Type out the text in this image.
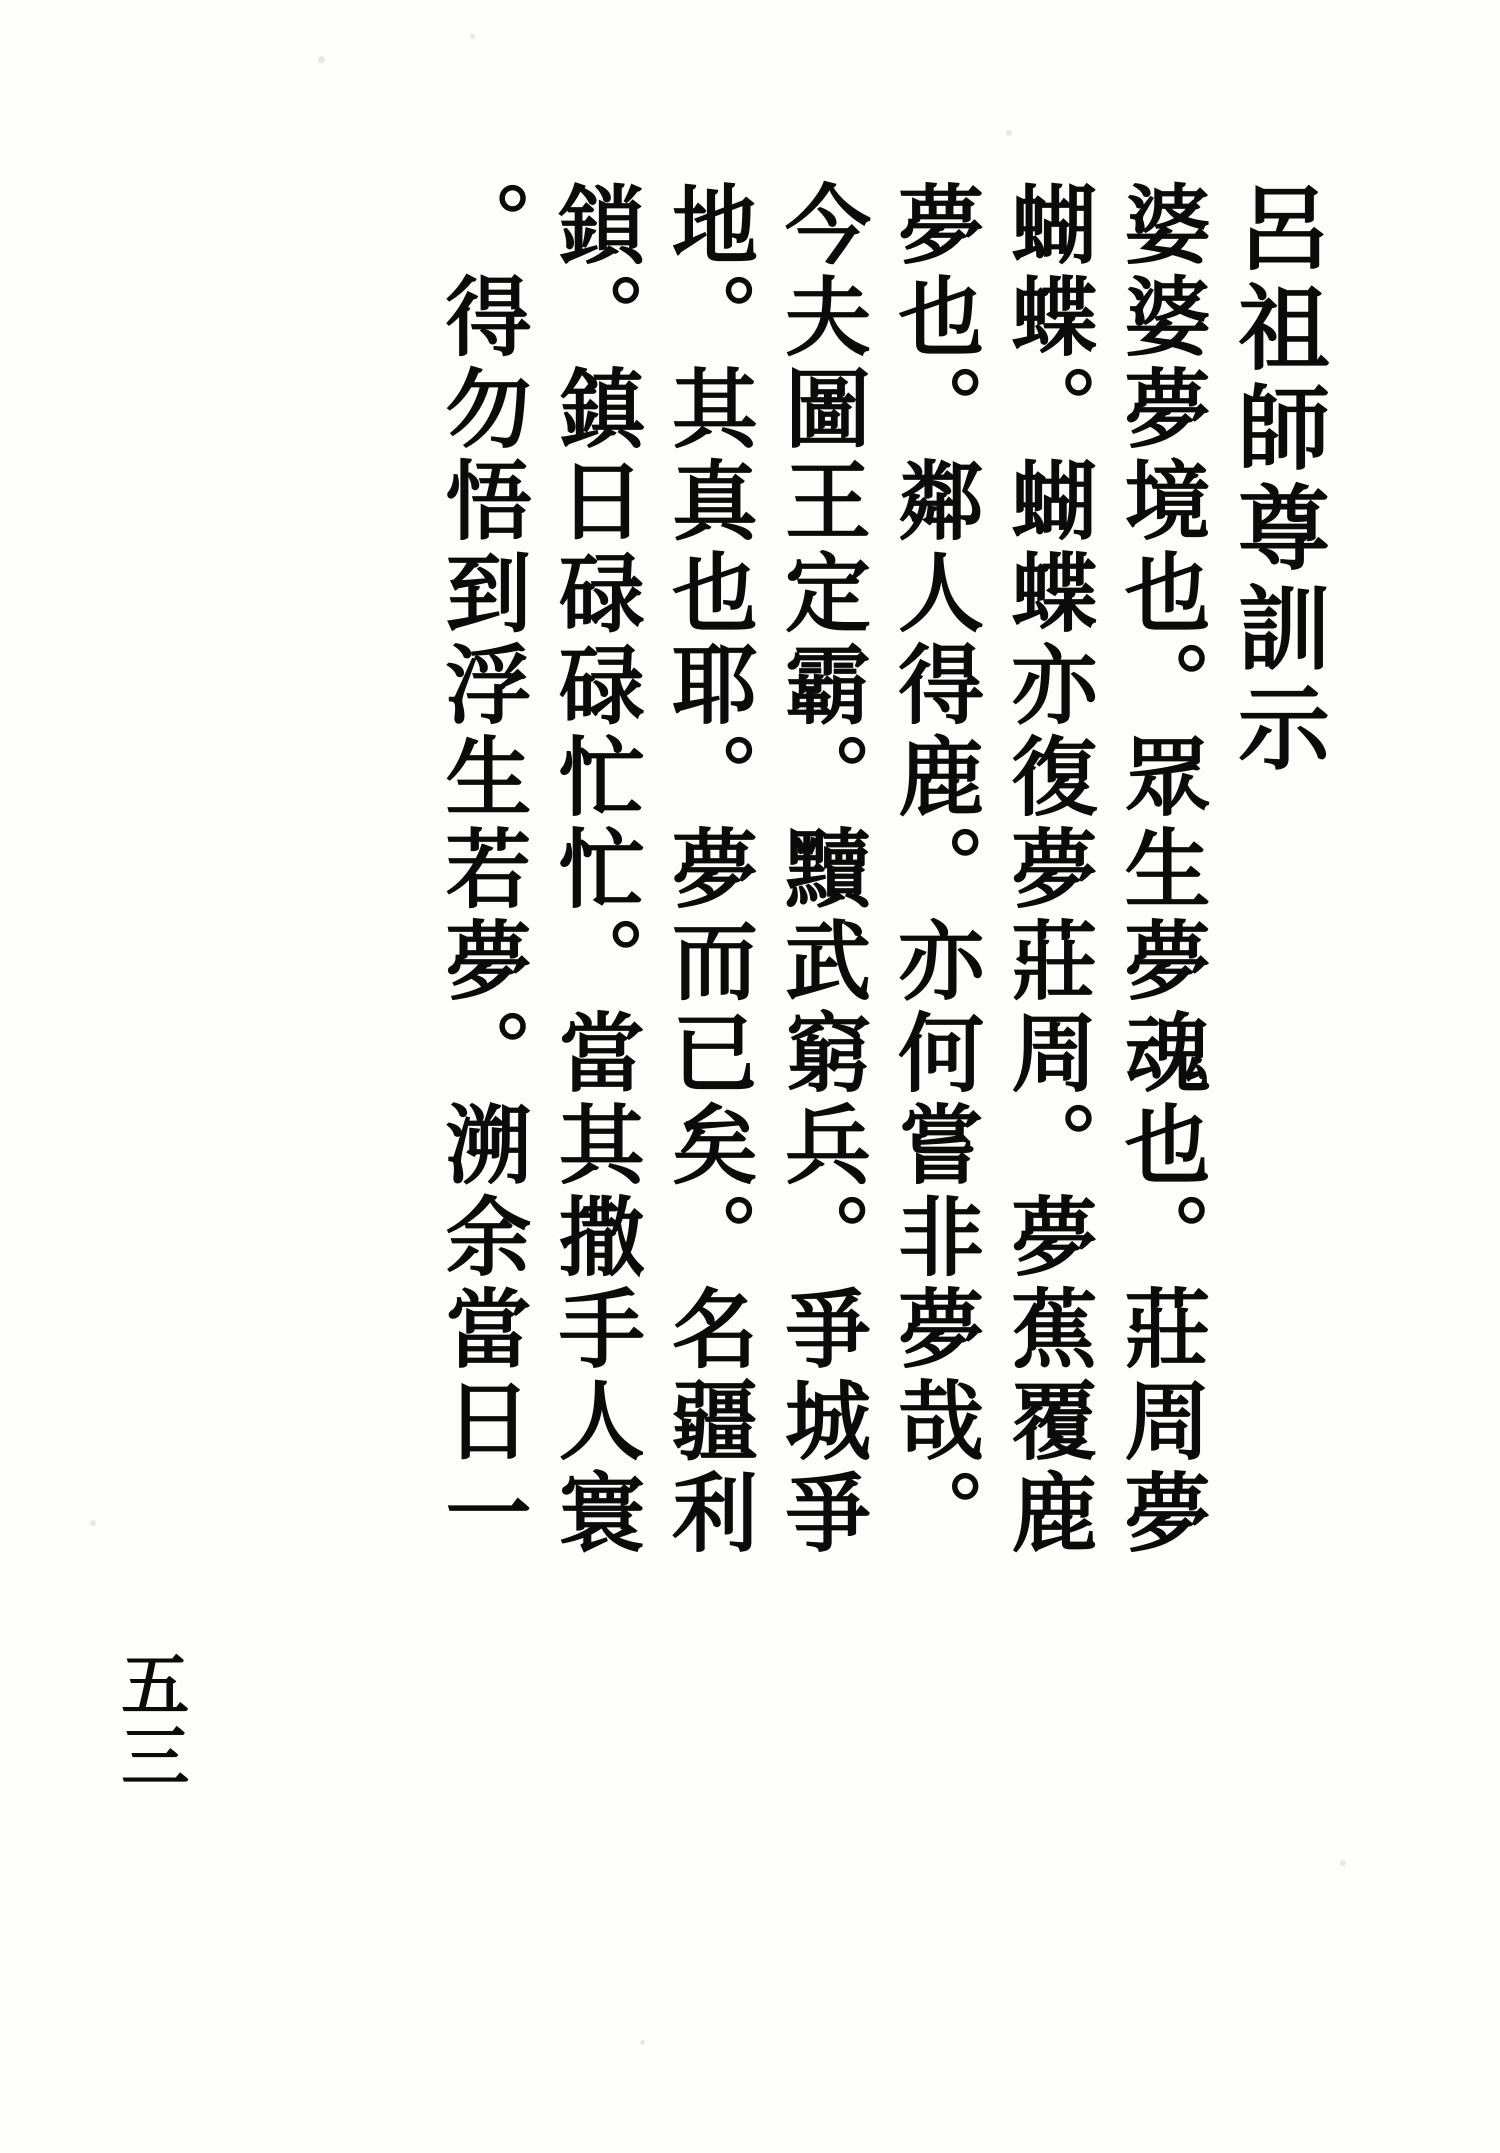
呂祖師尊訓示
婆婆夢境也。眾生夢魂也。莊周夢
蝴蝶。蝴蝶亦復夢莊周。夢蕉覆鹿
夢也。鄰人得鹿。亦何嘗非夢哉。
今夫圖王定霸。黷武窮兵。爭城爭
地。其真也耶。夢而已矣。名疆利
鎖。鎮日碌碌忙忙。當其撒手人寰
。得勿悟到浮生若夢。溯余當日一
五三
